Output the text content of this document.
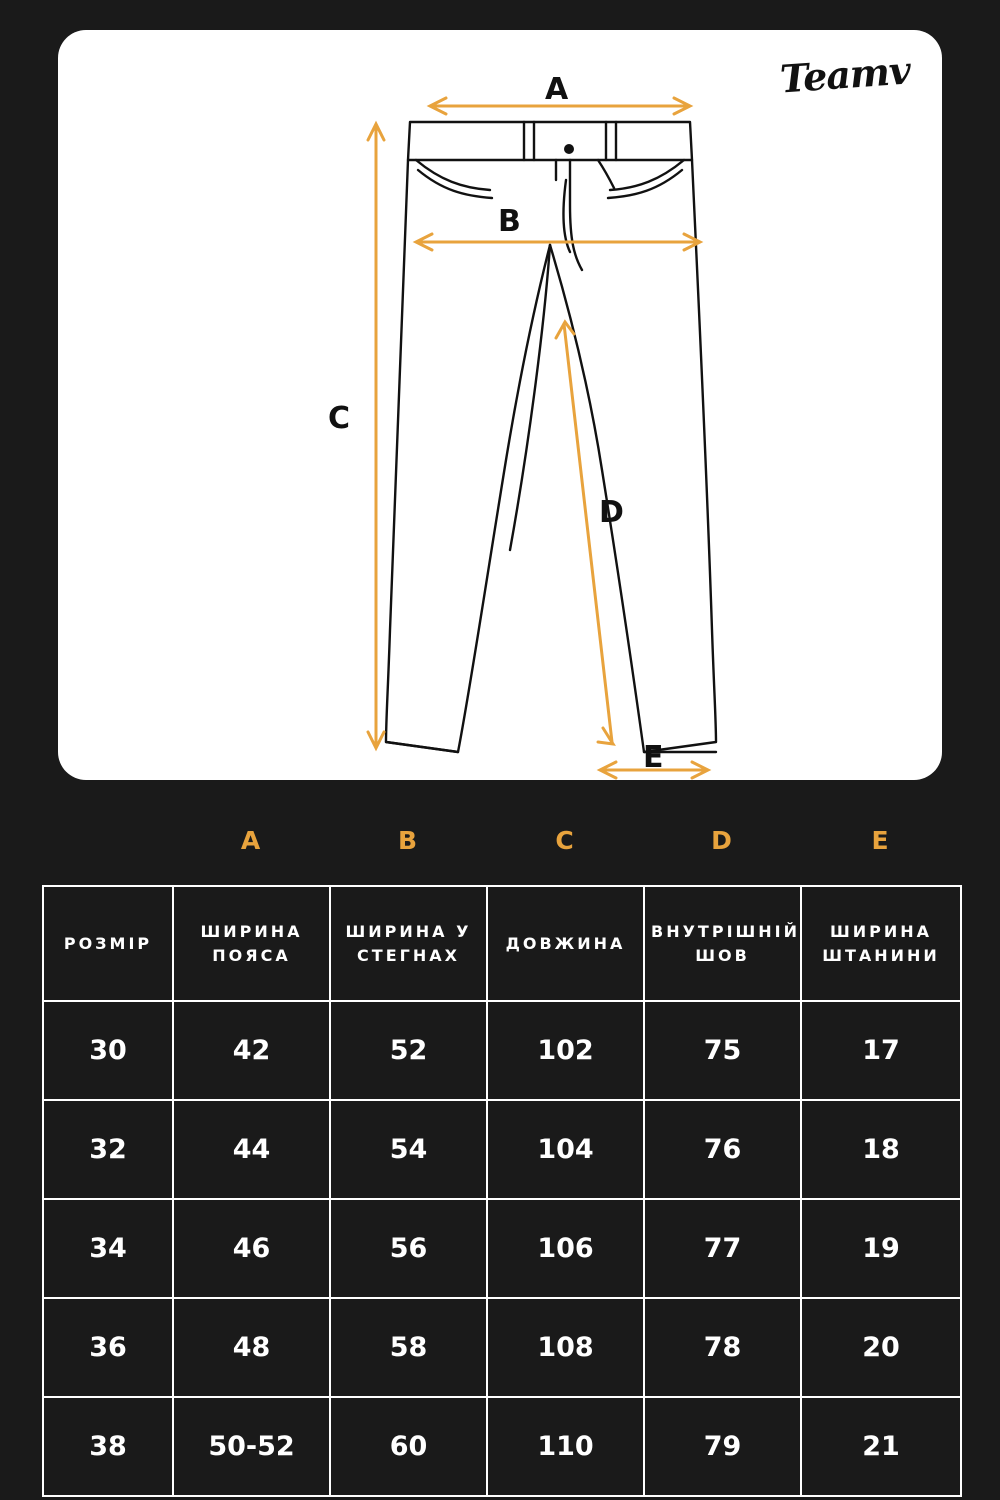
Teamv
A
B
C
D
E
	A	B	C	D	E
РОЗМІР	ШИРИНА ПОЯСА	ШИРИНА У СТЕГНАХ	ДОВЖИНА	ВНУТРІШНІЙ ШОВ	ШИРИНА ШТАНИНИ
30	42	52	102	75	17
32	44	54	104	76	18
34	46	56	106	77	19
36	48	58	108	78	20
38	50-52	60	110	79	21
